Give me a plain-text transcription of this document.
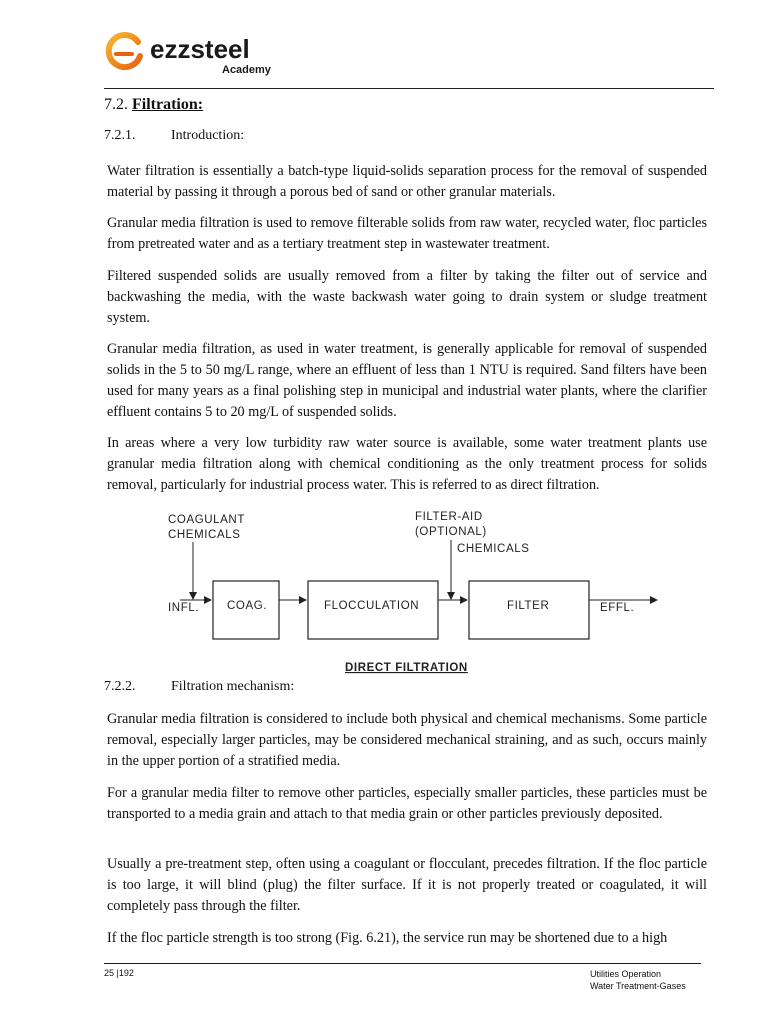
ezzsteel
Academy
7.2. Filtration:
7.2.1.	Introduction:

Water filtration is essentially a batch-type liquid-solids separation process for the removal of suspended material by passing it through a porous bed of sand or other granular materials.

Granular media filtration is used to remove filterable solids from raw water, recycled water, floc particles from pretreated water and as a tertiary treatment step in wastewater treatment.

Filtered suspended solids are usually removed from a filter by taking the filter out of service and backwashing the media, with the waste backwash water going to drain system or sludge treatment system.

Granular media filtration, as used in water treatment, is generally applicable for removal of suspended solids in the 5 to 50 mg/L range, where an effluent of less than 1 NTU is required. Sand filters have been used for many years as a final polishing step in municipal and industrial water plants, where the clarifier effluent contains 5 to 20 mg/L of suspended solids.

In areas where a very low turbidity raw water source is available, some water treatment plants use granular media filtration along with chemical conditioning as the only treatment process for solids removal, particularly for industrial process water. This is referred to as direct filtration.

COAGULANT
CHEMICALS
FILTER-AID
(OPTIONAL)
CHEMICALS
INFL. COAG.	FLOCCULATION	FILTER	EFFL.
DIRECT FILTRATION
7.2.2.	Filtration mechanism:

Granular media filtration is considered to include both physical and chemical mechanisms. Some particle removal, especially larger particles, may be considered mechanical straining, and as such, occurs mainly in the upper portion of a stratified media.

For a granular media filter to remove other particles, especially smaller particles, these particles must be transported to a media grain and attach to that media grain or other particles previously deposited.

Usually a pre-treatment step, often using a coagulant or flocculant, precedes filtration. If the floc particle is too large, it will blind (plug) the filter surface. If it is not properly treated or coagulated, it will completely pass through the filter.

If the floc particle strength is too strong (Fig. 6.21), the service run may be shortened due to a high

25 |192	Utilities Operation
Water Treatment-Gases
